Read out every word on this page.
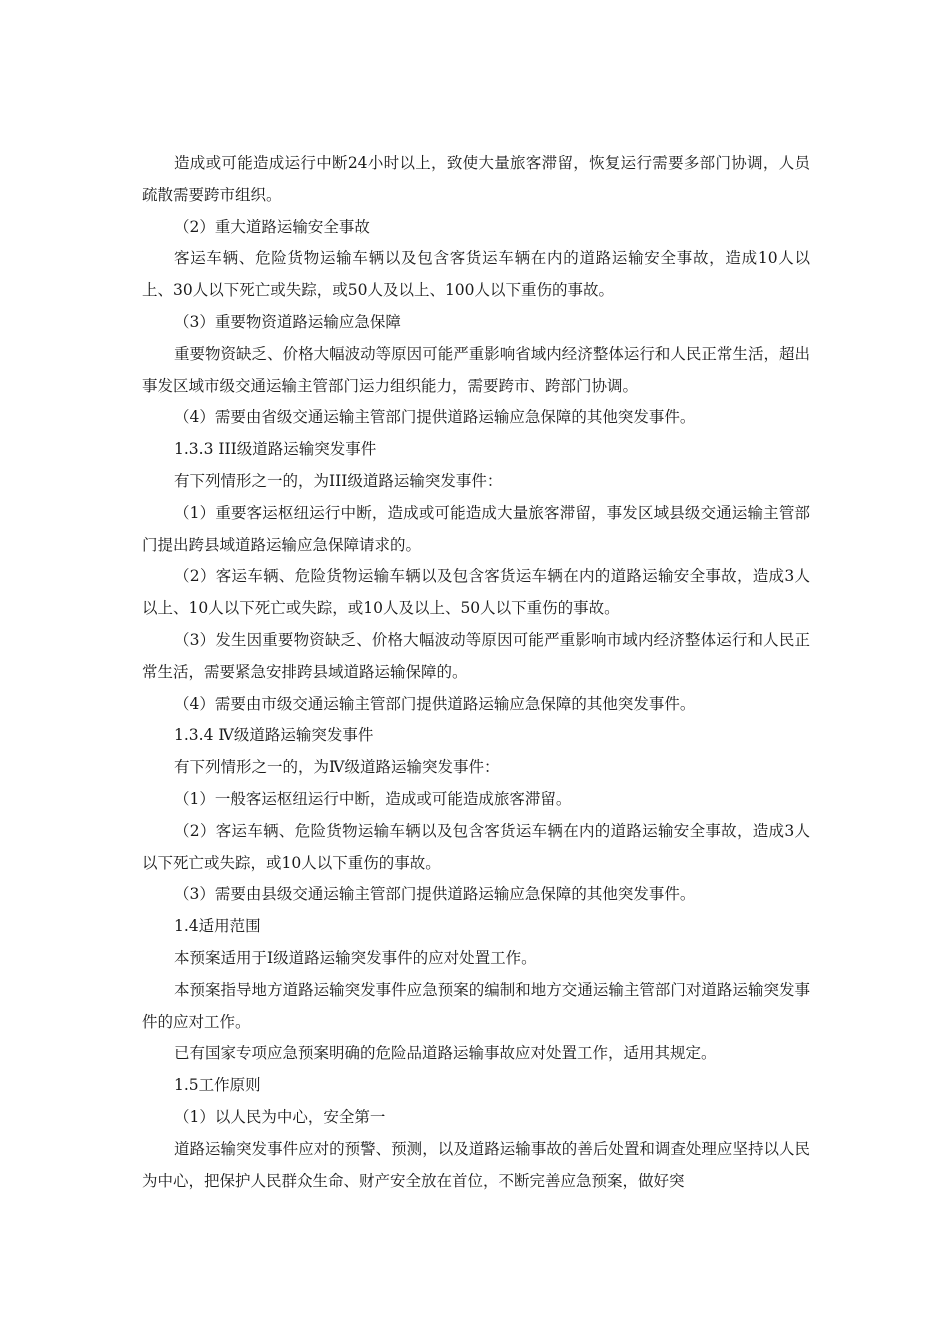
造成或可能造成运行中断24小时以上，致使大量旅客滞留，恢复运行需要多部门协调，人员疏散需要跨市组织。

（2）重大道路运输安全事故

客运车辆、危险货物运输车辆以及包含客货运车辆在内的道路运输安全事故，造成10人以上、30人以下死亡或失踪，或50人及以上、100人以下重伤的事故。

（3）重要物资道路运输应急保障

重要物资缺乏、价格大幅波动等原因可能严重影响省域内经济整体运行和人民正常生活，超出事发区域市级交通运输主管部门运力组织能力，需要跨市、跨部门协调。

（4）需要由省级交通运输主管部门提供道路运输应急保障的其他突发事件。

1.3.3 III级道路运输突发事件

有下列情形之一的，为III级道路运输突发事件：

（1）重要客运枢纽运行中断，造成或可能造成大量旅客滞留，事发区域县级交通运输主管部门提出跨县域道路运输应急保障请求的。

（2）客运车辆、危险货物运输车辆以及包含客货运车辆在内的道路运输安全事故，造成3人以上、10人以下死亡或失踪，或10人及以上、50人以下重伤的事故。

（3）发生因重要物资缺乏、价格大幅波动等原因可能严重影响市域内经济整体运行和人民正常生活，需要紧急安排跨县域道路运输保障的。

（4）需要由市级交通运输主管部门提供道路运输应急保障的其他突发事件。

1.3.4 Ⅳ级道路运输突发事件

有下列情形之一的，为Ⅳ级道路运输突发事件：

（1）一般客运枢纽运行中断，造成或可能造成旅客滞留。

（2）客运车辆、危险货物运输车辆以及包含客货运车辆在内的道路运输安全事故，造成3人以下死亡或失踪，或10人以下重伤的事故。

（3）需要由县级交通运输主管部门提供道路运输应急保障的其他突发事件。

1.4适用范围

本预案适用于Ⅰ级道路运输突发事件的应对处置工作。

本预案指导地方道路运输突发事件应急预案的编制和地方交通运输主管部门对道路运输突发事件的应对工作。

已有国家专项应急预案明确的危险品道路运输事故应对处置工作，适用其规定。

1.5工作原则

（1）以人民为中心，安全第一

道路运输突发事件应对的预警、预测，以及道路运输事故的善后处置和调查处理应坚持以人民为中心，把保护人民群众生命、财产安全放在首位，不断完善应急预案，做好突
